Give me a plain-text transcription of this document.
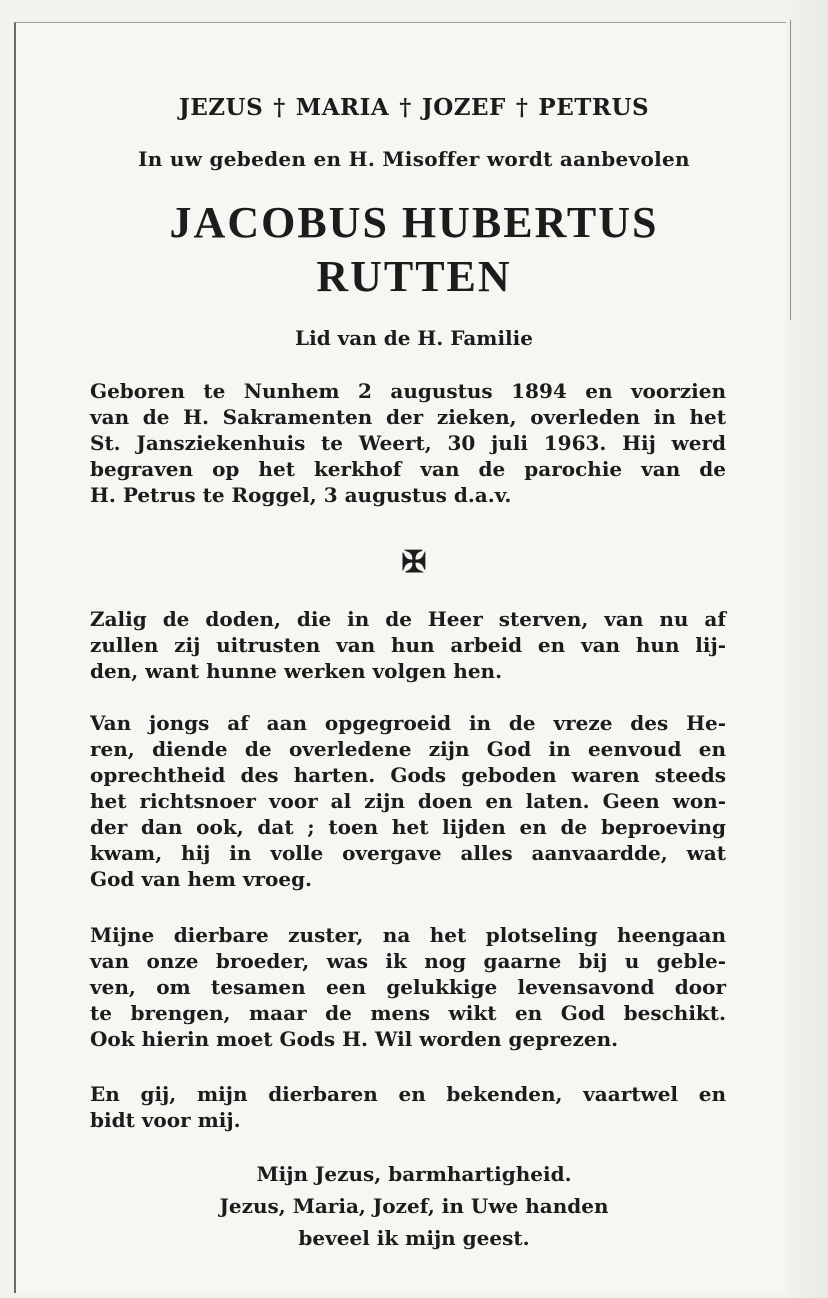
JEZUS † MARIA † JOZEF † PETRUS
In uw gebeden en H. Misoffer wordt aanbevolen
JACOBUS HUBERTUS
RUTTEN
Lid van de H. Familie
Geboren te Nunhem 2 augustus 1894 en voorzien
van de H. Sakramenten der zieken, overleden in het
St. Jansziekenhuis te Weert, 30 juli 1963. Hij werd
begraven op het kerkhof van de parochie van de
H. Petrus te Roggel, 3 augustus d.a.v.
✠
Zalig de doden, die in de Heer sterven, van nu af
zullen zij uitrusten van hun arbeid en van hun lij-
den, want hunne werken volgen hen.
Van jongs af aan opgegroeid in de vreze des He-
ren, diende de overledene zijn God in eenvoud en
oprechtheid des harten. Gods geboden waren steeds
het richtsnoer voor al zijn doen en laten. Geen won-
der dan ook, dat ; toen het lijden en de beproeving
kwam, hij in volle overgave alles aanvaardde, wat
God van hem vroeg.
Mijne dierbare zuster, na het plotseling heengaan
van onze broeder, was ik nog gaarne bij u geble-
ven, om tesamen een gelukkige levensavond door
te brengen, maar de mens wikt en God beschikt.
Ook hierin moet Gods H. Wil worden geprezen.
En gij, mijn dierbaren en bekenden, vaartwel en
bidt voor mij.
Mijn Jezus, barmhartigheid.
Jezus, Maria, Jozef, in Uwe handen
beveel ik mijn geest.
